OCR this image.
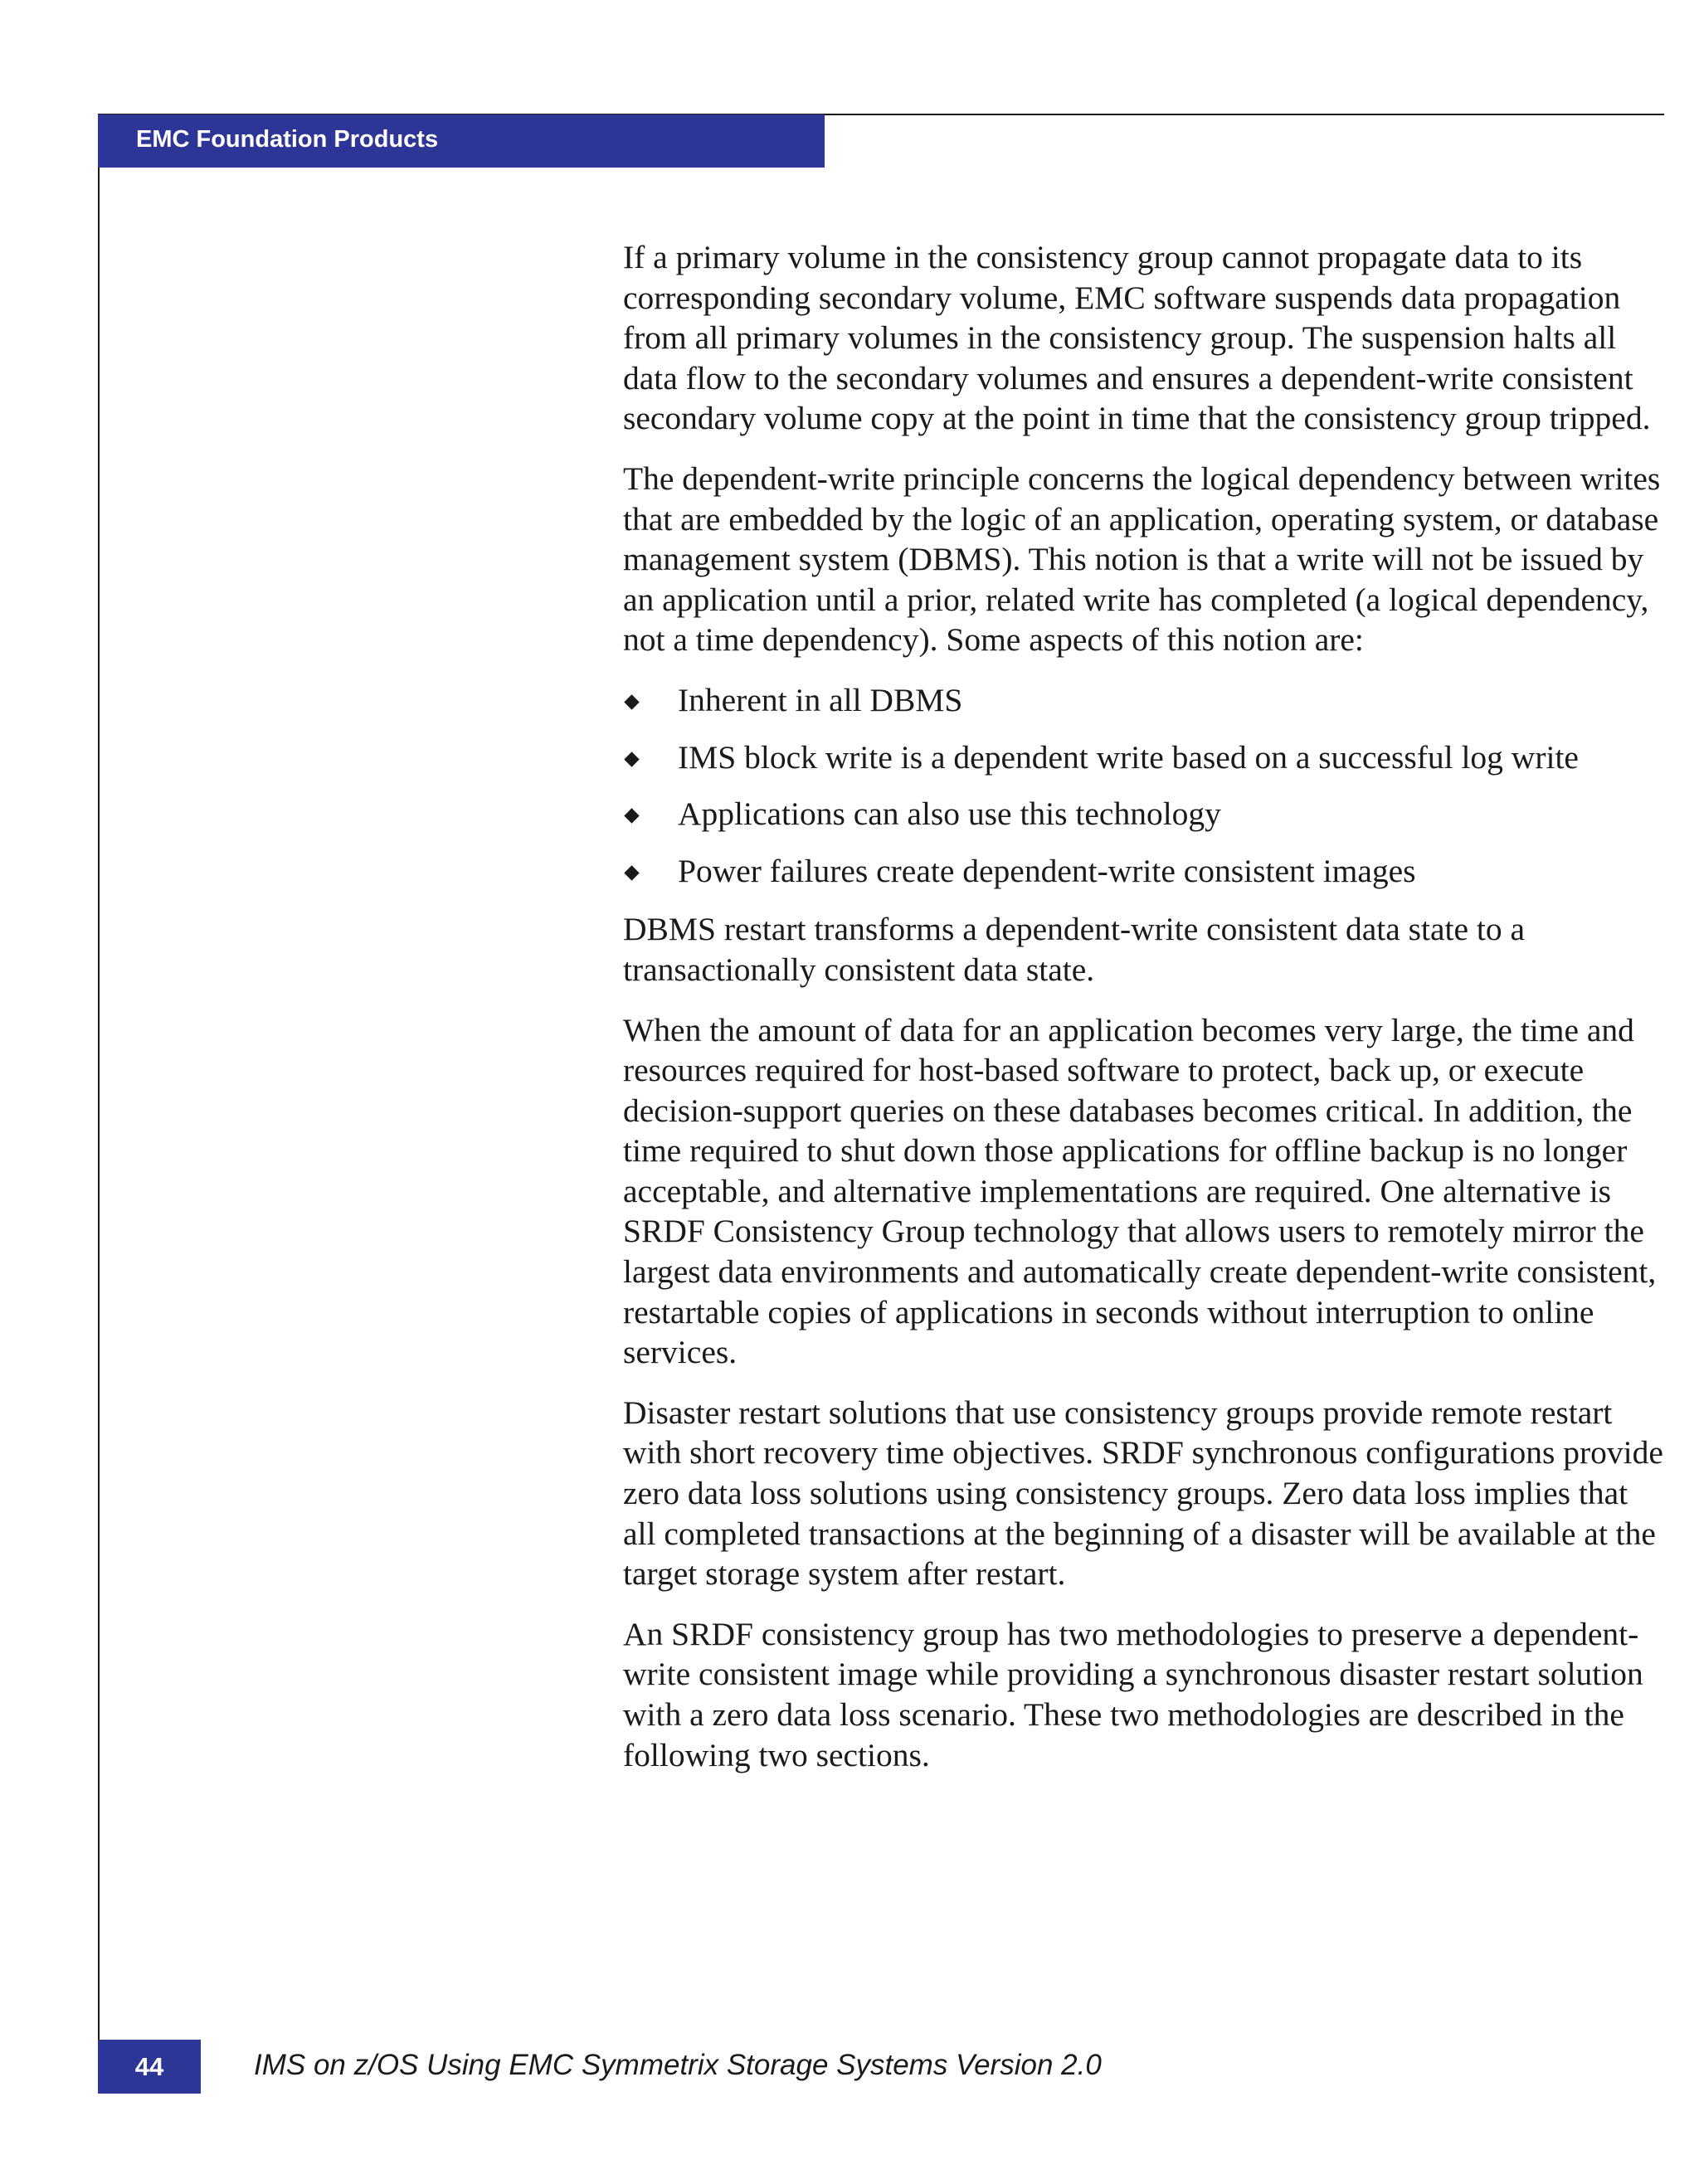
EMC Foundation Products

If a primary volume in the consistency group cannot propagate data to its corresponding secondary volume, EMC software suspends data propagation from all primary volumes in the consistency group. The suspension halts all data flow to the secondary volumes and ensures a dependent-write consistent secondary volume copy at the point in time that the consistency group tripped.

The dependent-write principle concerns the logical dependency between writes that are embedded by the logic of an application, operating system, or database management system (DBMS). This notion is that a write will not be issued by an application until a prior, related write has completed (a logical dependency, not a time dependency). Some aspects of this notion are:

Inherent in all DBMS
IMS block write is a dependent write based on a successful log write
Applications can also use this technology
Power failures create dependent-write consistent images

DBMS restart transforms a dependent-write consistent data state to a transactionally consistent data state.

When the amount of data for an application becomes very large, the time and resources required for host-based software to protect, back up, or execute decision-support queries on these databases becomes critical. In addition, the time required to shut down those applications for offline backup is no longer acceptable, and alternative implementations are required. One alternative is SRDF Consistency Group technology that allows users to remotely mirror the largest data environments and automatically create dependent-write consistent, restartable copies of applications in seconds without interruption to online services.

Disaster restart solutions that use consistency groups provide remote restart with short recovery time objectives. SRDF synchronous configurations provide zero data loss solutions using consistency groups. Zero data loss implies that all completed transactions at the beginning of a disaster will be available at the target storage system after restart.

An SRDF consistency group has two methodologies to preserve a dependent-write consistent image while providing a synchronous disaster restart solution with a zero data loss scenario. These two methodologies are described in the following two sections.

44	IMS on z/OS Using EMC Symmetrix Storage Systems Version 2.0
